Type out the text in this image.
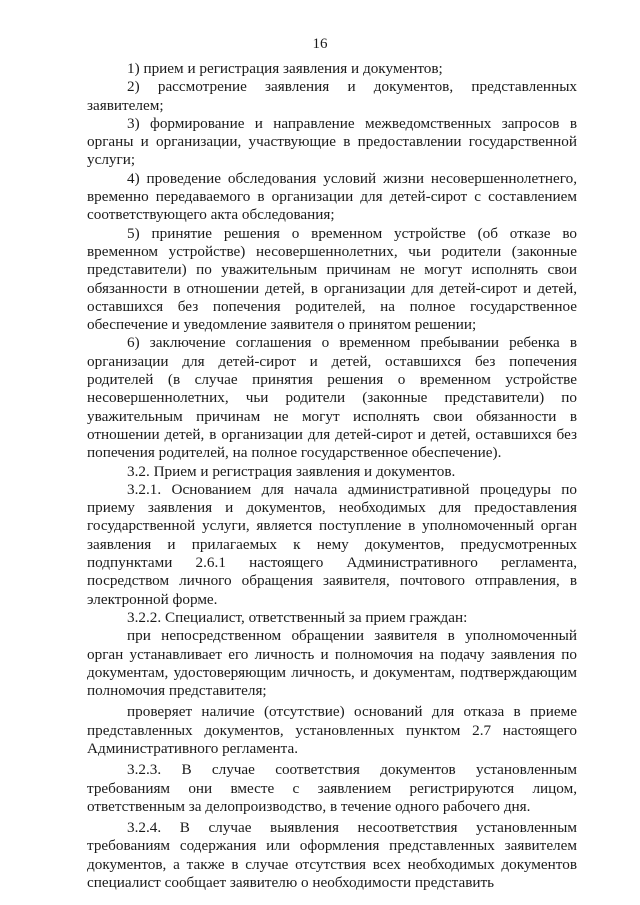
16

1) прием и регистрация заявления и документов;

2) рассмотрение заявления и документов, представленных заявителем;

3) формирование и направление межведомственных запросов в органы и организации, участвующие в предоставлении государственной услуги;

4) проведение обследования условий жизни несовершеннолетнего, временно передаваемого в организации для детей-сирот с составлением соответствующего акта обследования;

5) принятие решения о временном устройстве (об отказе во временном устройстве) несовершеннолетних, чьи родители (законные представители) по уважительным причинам не могут исполнять свои обязанности в отношении детей, в организации для детей-сирот и детей, оставшихся без попечения родителей, на полное государственное обеспечение и уведомление заявителя о принятом решении;

6) заключение соглашения о временном пребывании ребенка в организации для детей-сирот и детей, оставшихся без попечения родителей (в случае принятия решения о временном устройстве несовершеннолетних, чьи родители (законные представители) по уважительным причинам не могут исполнять свои обязанности в отношении детей, в организации для детей-сирот и детей, оставшихся без попечения родителей, на полное государственное обеспечение).

3.2. Прием и регистрация заявления и документов.

3.2.1. Основанием для начала административной процедуры по приему заявления и документов, необходимых для предоставления государственной услуги, является поступление в уполномоченный орган заявления и прилагаемых к нему документов, предусмотренных подпунктами 2.6.1 настоящего Административного регламента, посредством личного обращения заявителя, почтового отправления, в электронной форме.

3.2.2. Специалист, ответственный за прием граждан:

при непосредственном обращении заявителя в уполномоченный орган устанавливает его личность и полномочия на подачу заявления по документам, удостоверяющим личность, и документам, подтверждающим полномочия представителя;

проверяет наличие (отсутствие) оснований для отказа в приеме представленных документов, установленных пунктом 2.7 настоящего Административного регламента.

3.2.3. В случае соответствия документов установленным требованиям они вместе с заявлением регистрируются лицом, ответственным за делопроизводство, в течение одного рабочего дня.

3.2.4. В случае выявления несоответствия установленным требованиям содержания или оформления представленных заявителем документов, а также в случае отсутствия всех необходимых документов специалист сообщает заявителю о необходимости представить
